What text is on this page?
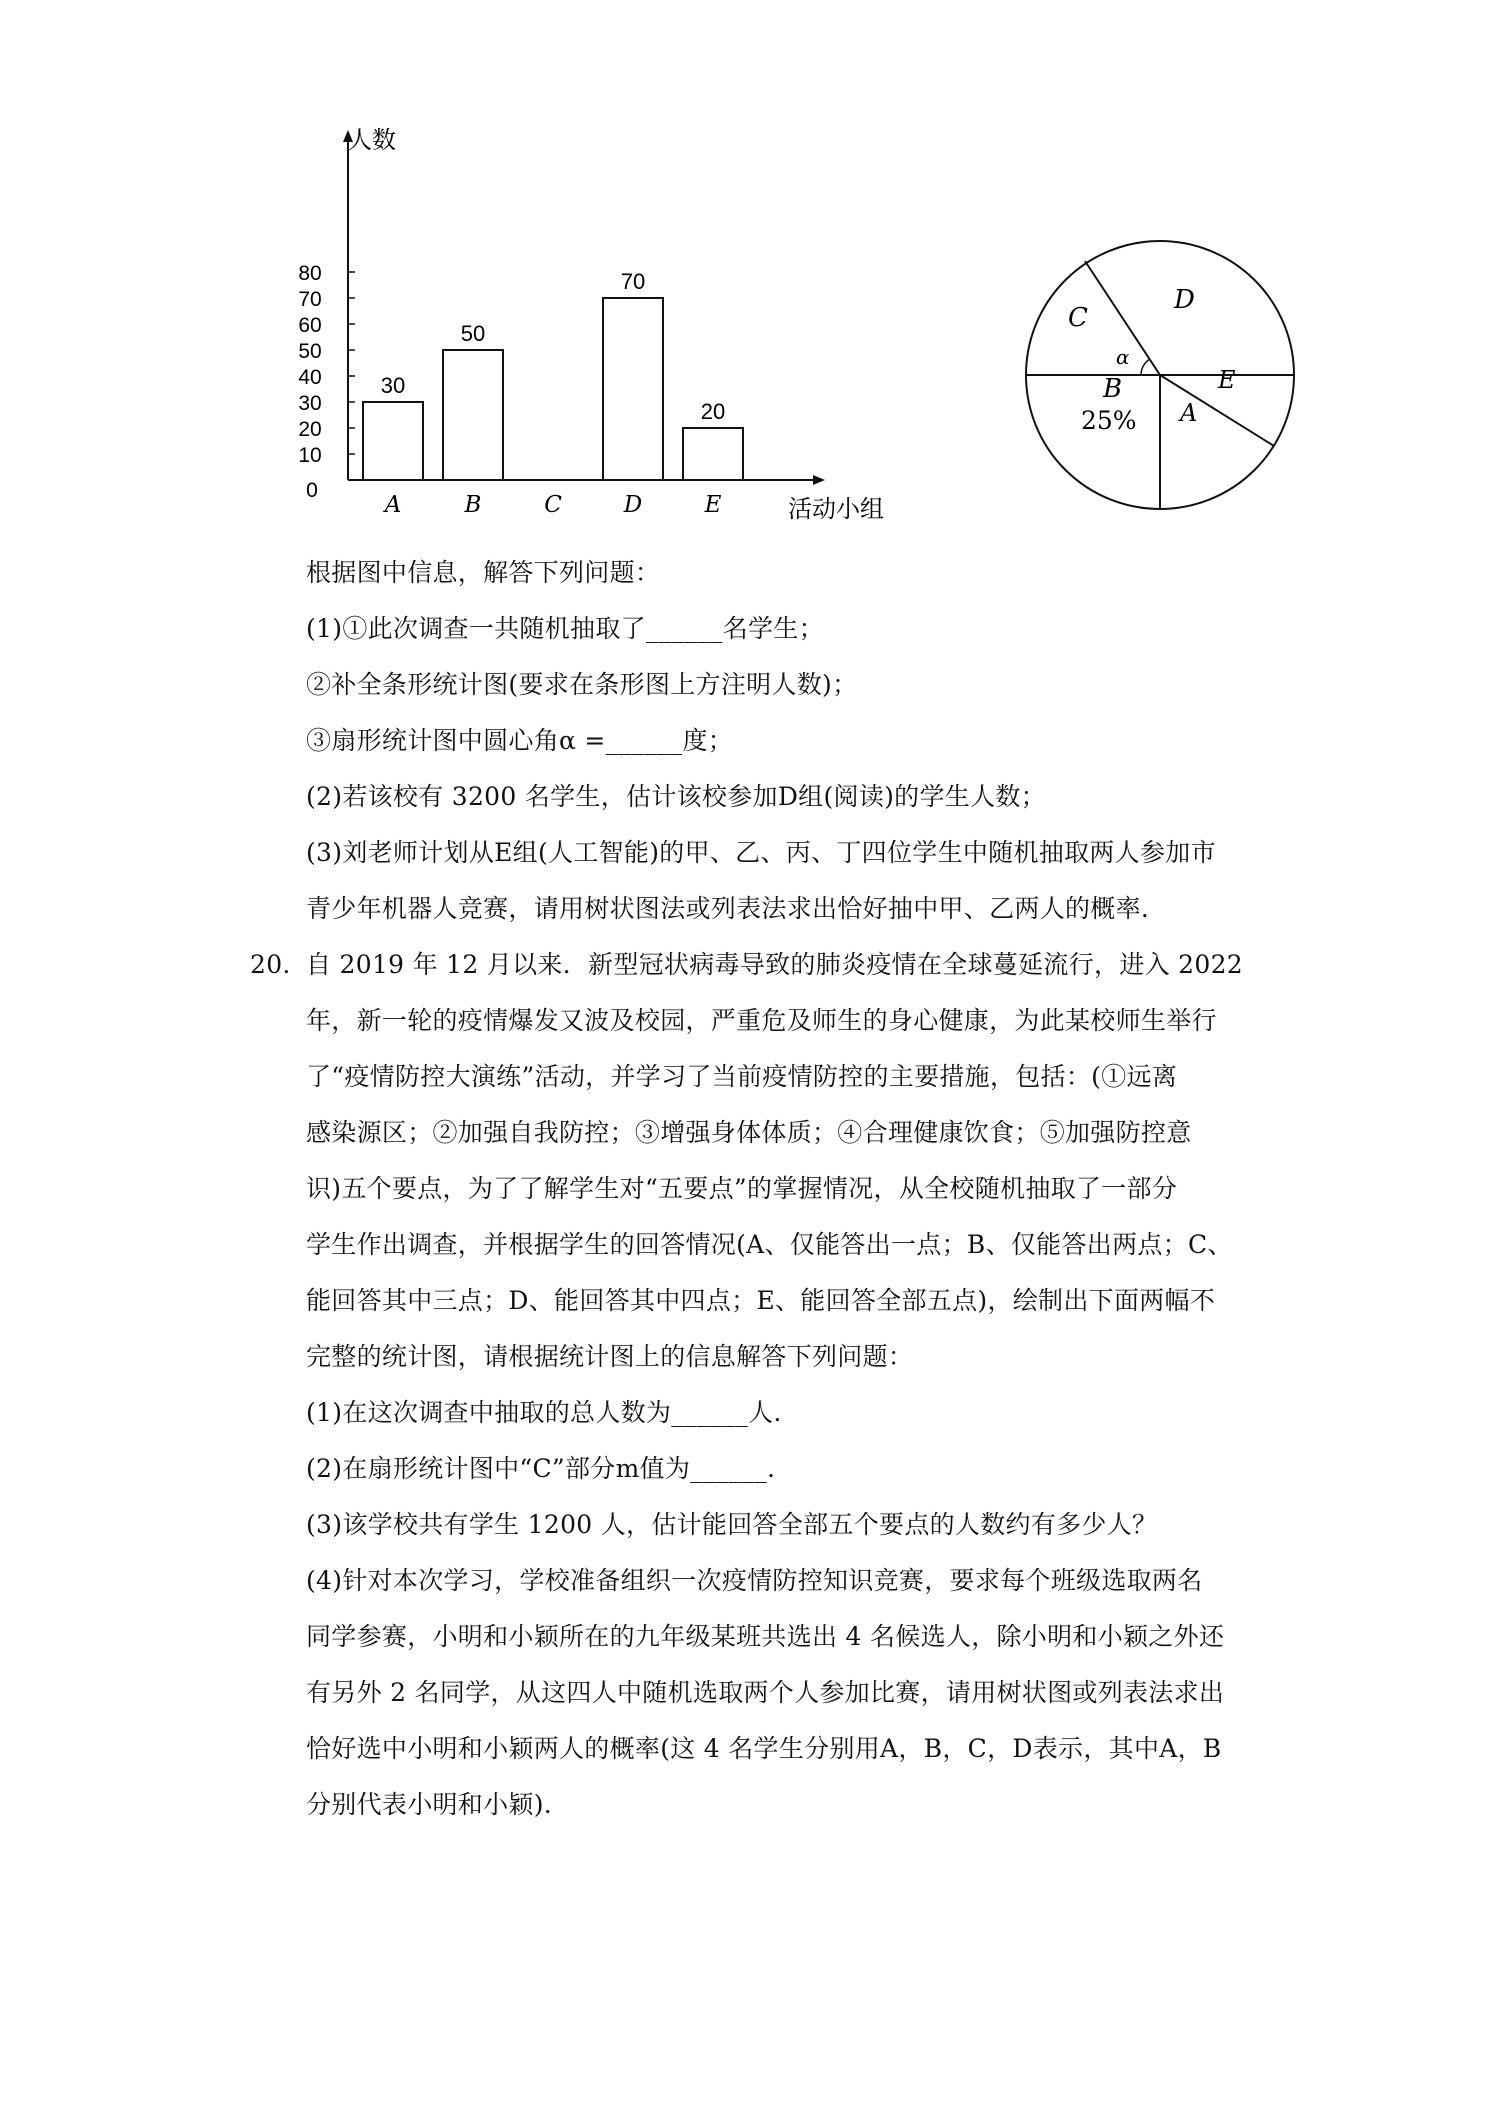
10
20
30
40
50
60
70
80
A
30
B
50
C	D
70
E
20
人数
活动小组
0
C
α
D
E
A
B
25%
根据图中信息，解答下列问题：
(1)①此次调查一共随机抽取了______名学生；
②补全条形统计图(要求在条形图上方注明人数)；
③扇形统计图中圆心角α =______度；
(2)若该校有 3200 名学生，估计该校参加D组(阅读)的学生人数；
(3)刘老师计划从E组(人工智能)的甲、乙、丙、丁四位学生中随机抽取两人参加市
青少年机器人竞赛，请用树状图法或列表法求出恰好抽中甲、乙两人的概率.
20. 自 2019 年 12 月以来．新型冠状病毒导致的肺炎疫情在全球蔓延流行，进入 2022
年，新一轮的疫情爆发又波及校园，严重危及师生的身心健康，为此某校师生举行
了“疫情防控大演练”活动，并学习了当前疫情防控的主要措施，包括：(①远离
感染源区；②加强自我防控；③增强身体体质；④合理健康饮食；⑤加强防控意
识)五个要点，为了了解学生对“五要点”的掌握情况，从全校随机抽取了一部分
学生作出调查，并根据学生的回答情况(A、仅能答出一点；B、仅能答出两点；C、
能回答其中三点；D、能回答其中四点；E、能回答全部五点)，绘制出下面两幅不
完整的统计图，请根据统计图上的信息解答下列问题：
(1)在这次调查中抽取的总人数为______人.
(2)在扇形统计图中“C”部分m值为______.
(3)该学校共有学生 1200 人，估计能回答全部五个要点的人数约有多少人？
(4)针对本次学习，学校准备组织一次疫情防控知识竞赛，要求每个班级选取两名
同学参赛，小明和小颖所在的九年级某班共选出 4 名候选人，除小明和小颖之外还
有另外 2 名同学，从这四人中随机选取两个人参加比赛，请用树状图或列表法求出
恰好选中小明和小颖两人的概率(这 4 名学生分别用A，B，C，D表示，其中A，B
分别代表小明和小颖).
